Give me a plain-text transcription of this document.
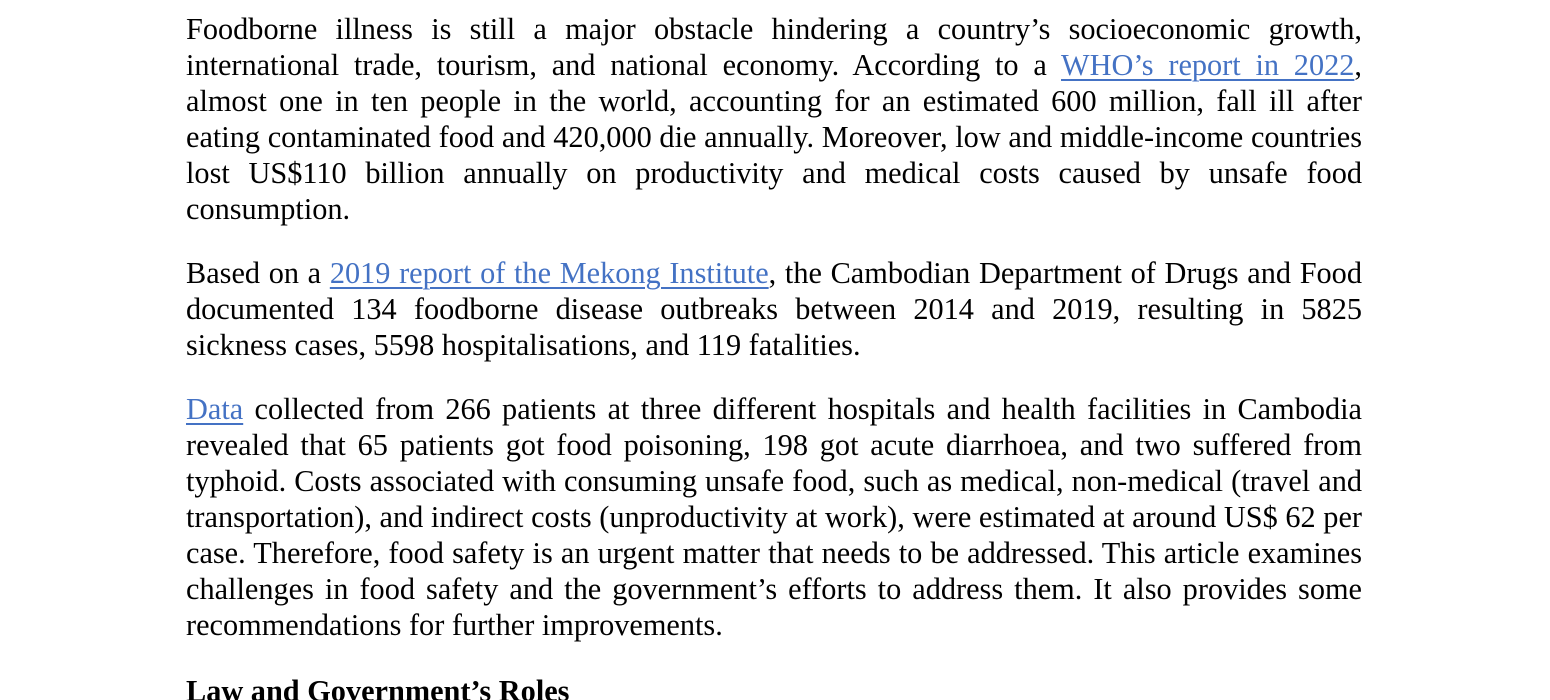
Foodborne illness is still a major obstacle hindering a country’s socioeconomic growth, international trade, tourism, and national economy. According to a WHO’s report in 2022, almost one in ten people in the world, accounting for an estimated 600 million, fall ill after eating contaminated food and 420,000 die annually. Moreover, low and middle-income countries lost US$110 billion annually on productivity and medical costs caused by unsafe food consumption.

Based on a 2019 report of the Mekong Institute, the Cambodian Department of Drugs and Food documented 134 foodborne disease outbreaks between 2014 and 2019, resulting in 5825 sickness cases, 5598 hospitalisations, and 119 fatalities.

Data collected from 266 patients at three different hospitals and health facilities in Cambodia revealed that 65 patients got food poisoning, 198 got acute diarrhoea, and two suffered from typhoid. Costs associated with consuming unsafe food, such as medical, non-medical (travel and transportation), and indirect costs (unproductivity at work), were estimated at around US$ 62 per case. Therefore, food safety is an urgent matter that needs to be addressed. This article examines challenges in food safety and the government’s efforts to address them. It also provides some recommendations for further improvements.

Law and Government’s Roles
